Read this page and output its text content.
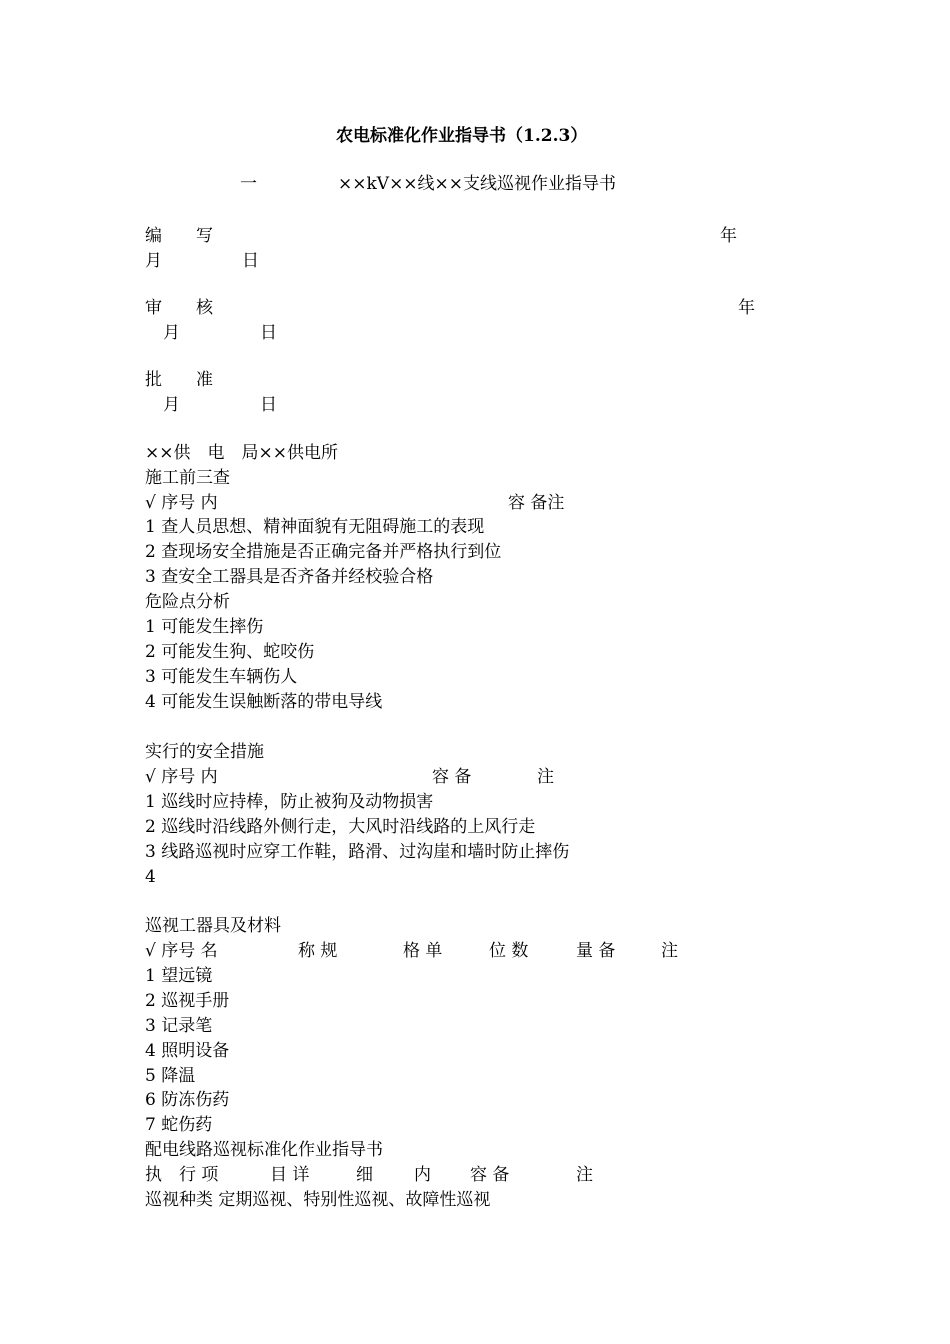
农电标准化作业指导书（1.2.3）
一	××kV××线××支线巡视作业指导书
编　　写	年
月	日
审　　核	年
月	日
批　　准
月	日
××供　电　局××供电所
施工前三查
√ 序号 内	容 备注
1 查人员思想、精神面貌有无阻碍施工的表现
2 查现场安全措施是否正确完备并严格执行到位
3 查安全工器具是否齐备并经校验合格
危险点分析
1 可能发生摔伤
2 可能发生狗、蛇咬伤
3 可能发生车辆伤人
4 可能发生误触断落的带电导线
实行的安全措施
√ 序号 内	容 备	注
1 巡线时应持棒，防止被狗及动物损害
2 巡线时沿线路外侧行走，大风时沿线路的上风行走
3 线路巡视时应穿工作鞋，路滑、过沟崖和墙时防止摔伤
4
巡视工器具及材料
√ 序号 名	称 规	格 单	位 数	量 备	注
1 望远镜
2 巡视手册
3 记录笔
4 照明设备
5 降温
6 防冻伤药
7 蛇伤药
配电线路巡视标准化作业指导书
执　行 项	目 详	细 内 容 备	注
巡视种类 定期巡视、特别性巡视、故障性巡视
